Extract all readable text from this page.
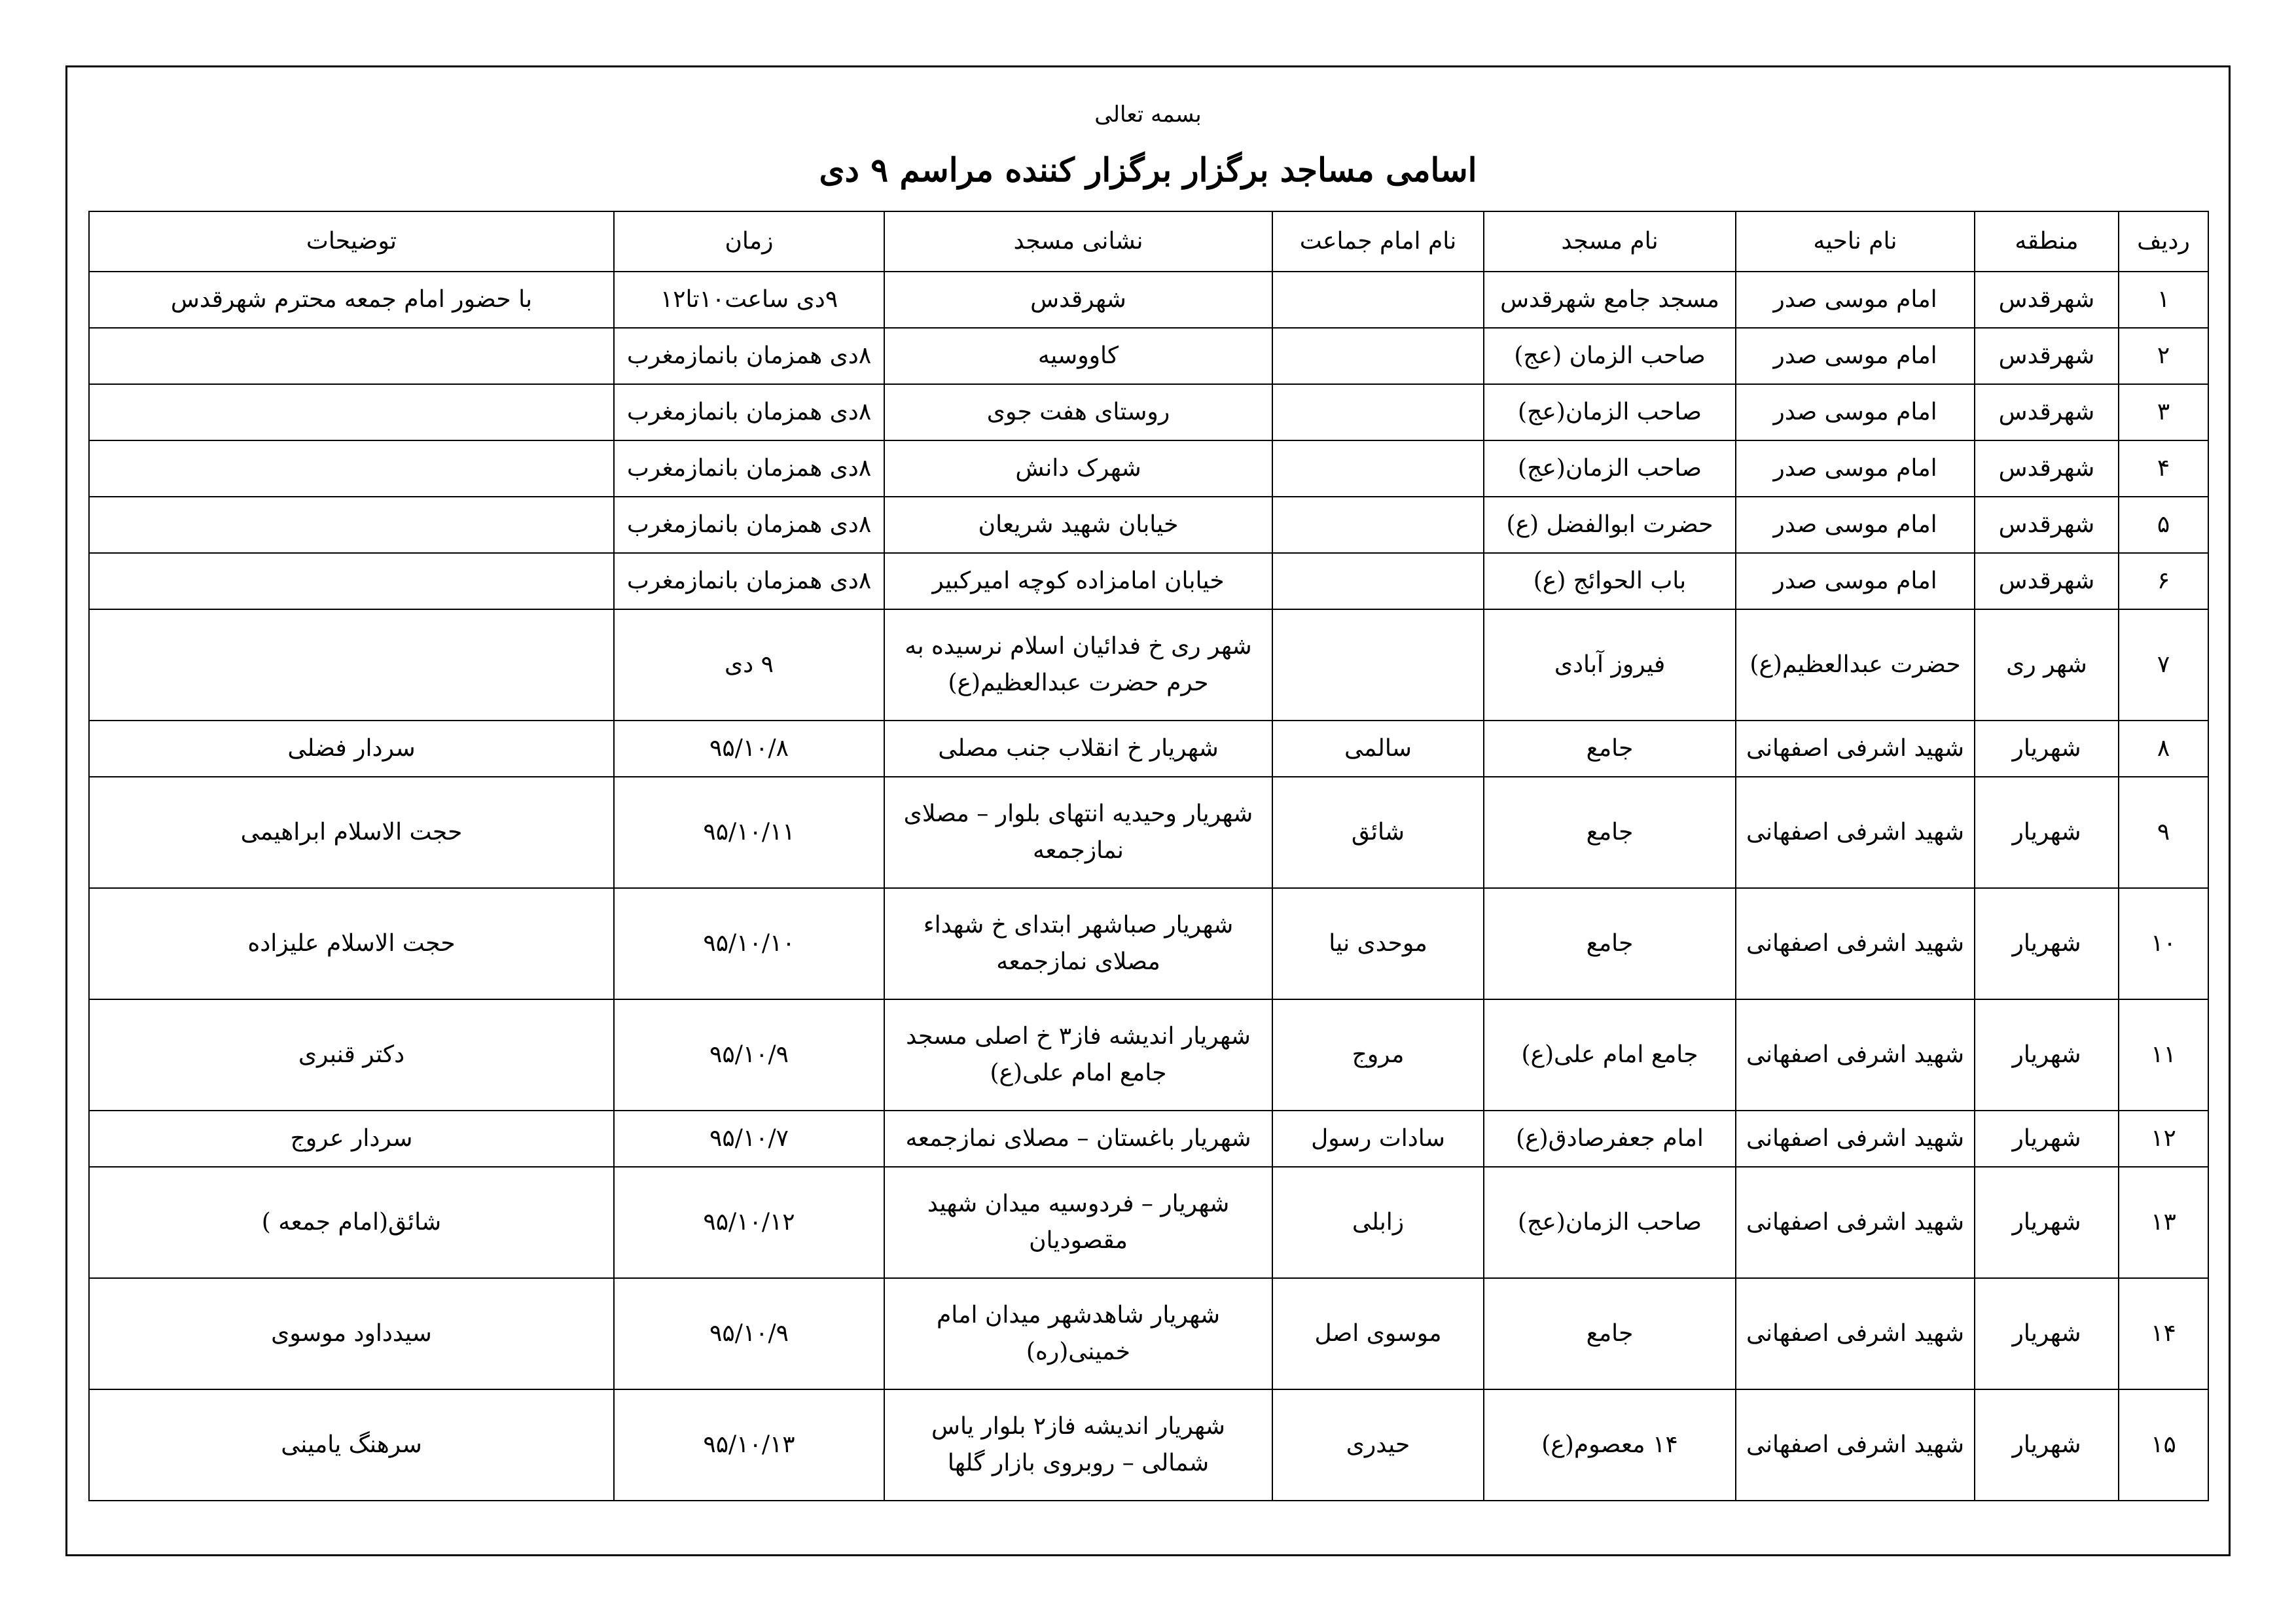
بسمه تعالی
اسامی مساجد برگزار برگزار کننده مراسم ۹ دی
ردیف	منطقه	نام ناحیه	نام مسجد	نام امام جماعت	نشانی مسجد	زمان	توضیحات
۱	شهرقدس	امام موسی صدر	مسجد جامع شهرقدس		شهرقدس	۹دی ساعت۱۰تا۱۲	با حضور امام جمعه محترم شهرقدس
۲	شهرقدس	امام موسی صدر	صاحب الزمان (عج)		کاووسیه	۸دی همزمان بانمازمغرب	
۳	شهرقدس	امام موسی صدر	صاحب الزمان(عج)		روستای هفت جوی	۸دی همزمان بانمازمغرب	
۴	شهرقدس	امام موسی صدر	صاحب الزمان(عج)		شهرک دانش	۸دی همزمان بانمازمغرب	
۵	شهرقدس	امام موسی صدر	حضرت ابوالفضل (ع)		خیابان شهید شریعان	۸دی همزمان بانمازمغرب	
۶	شهرقدس	امام موسی صدر	باب الحوائج (ع)		خیابان امامزاده کوچه امیرکبیر	۸دی همزمان بانمازمغرب	
۷	شهر ری	حضرت عبدالعظیم(ع)	فیروز آبادی		شهر ری خ فدائیان اسلام نرسیده به حرم حضرت عبدالعظیم(ع)	۹ دی	
۸	شهریار	شهید اشرفی اصفهانی	جامع	سالمی	شهریار خ انقلاب جنب مصلی	۹۵/۱۰/۸	سردار فضلی
۹	شهریار	شهید اشرفی اصفهانی	جامع	شائق	شهریار وحیدیه انتهای بلوار – مصلای نمازجمعه	۹۵/۱۰/۱۱	حجت الاسلام ابراهیمی
۱۰	شهریار	شهید اشرفی اصفهانی	جامع	موحدی نیا	شهریار صباشهر ابتدای خ شهداء مصلای نمازجمعه	۹۵/۱۰/۱۰	حجت الاسلام علیزاده
۱۱	شهریار	شهید اشرفی اصفهانی	جامع امام علی(ع)	مروج	شهریار اندیشه فاز۳ خ اصلی مسجد جامع امام علی(ع)	۹۵/۱۰/۹	دکتر قنبری
۱۲	شهریار	شهید اشرفی اصفهانی	امام جعفرصادق(ع)	سادات رسول	شهریار باغستان – مصلای نمازجمعه	۹۵/۱۰/۷	سردار عروج
۱۳	شهریار	شهید اشرفی اصفهانی	صاحب الزمان(عج)	زابلی	شهریار – فردوسیه میدان شهید مقصودیان	۹۵/۱۰/۱۲	شائق(امام جمعه )
۱۴	شهریار	شهید اشرفی اصفهانی	جامع	موسوی اصل	شهریار شاهدشهر میدان امام خمینی(ره)	۹۵/۱۰/۹	سیدداود موسوی
۱۵	شهریار	شهید اشرفی اصفهانی	۱۴ معصوم(ع)	حیدری	شهریار اندیشه فاز۲ بلوار یاس شمالی – روبروی بازار گلها	۹۵/۱۰/۱۳	سرهنگ یامینی
